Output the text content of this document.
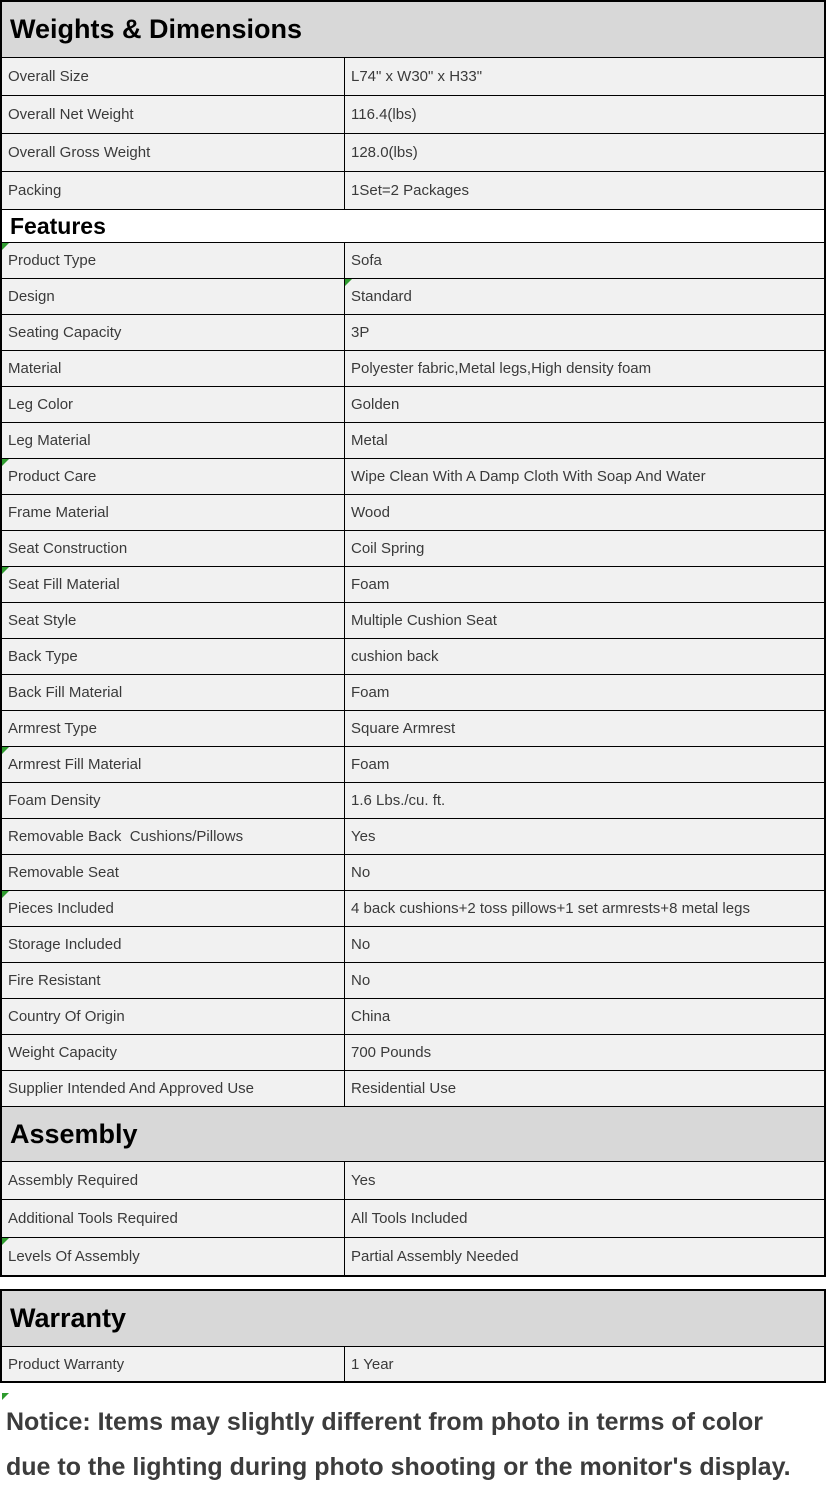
Weights & Dimensions
Overall Size	L74" x W30" x H33"
Overall Net Weight	116.4(lbs)
Overall Gross Weight	128.0(lbs)
Packing	1Set=2 Packages
Features
Product Type	Sofa
Design	Standard
Seating Capacity	3P
Material	Polyester fabric,Metal legs,High density foam
Leg Color	Golden
Leg Material	Metal
Product Care	Wipe Clean With A Damp Cloth With Soap And Water
Frame Material	Wood
Seat Construction	Coil Spring
Seat Fill Material	Foam
Seat Style	Multiple Cushion Seat
Back Type	cushion back
Back Fill Material	Foam
Armrest Type	Square Armrest
Armrest Fill Material	Foam
Foam Density	1.6 Lbs./cu. ft.
Removable Back  Cushions/Pillows	Yes
Removable Seat	No
Pieces Included	4 back cushions+2 toss pillows+1 set armrests+8 metal legs
Storage Included	No
Fire Resistant	No
Country Of Origin	China
Weight Capacity	700 Pounds
Supplier Intended And Approved Use	Residential Use
Assembly
Assembly Required	Yes
Additional Tools Required	All Tools Included
Levels Of Assembly	Partial Assembly Needed
Warranty
Product Warranty	1 Year
Notice: Items may slightly different from photo in terms of color
due to the lighting during photo shooting or the monitor's display.
